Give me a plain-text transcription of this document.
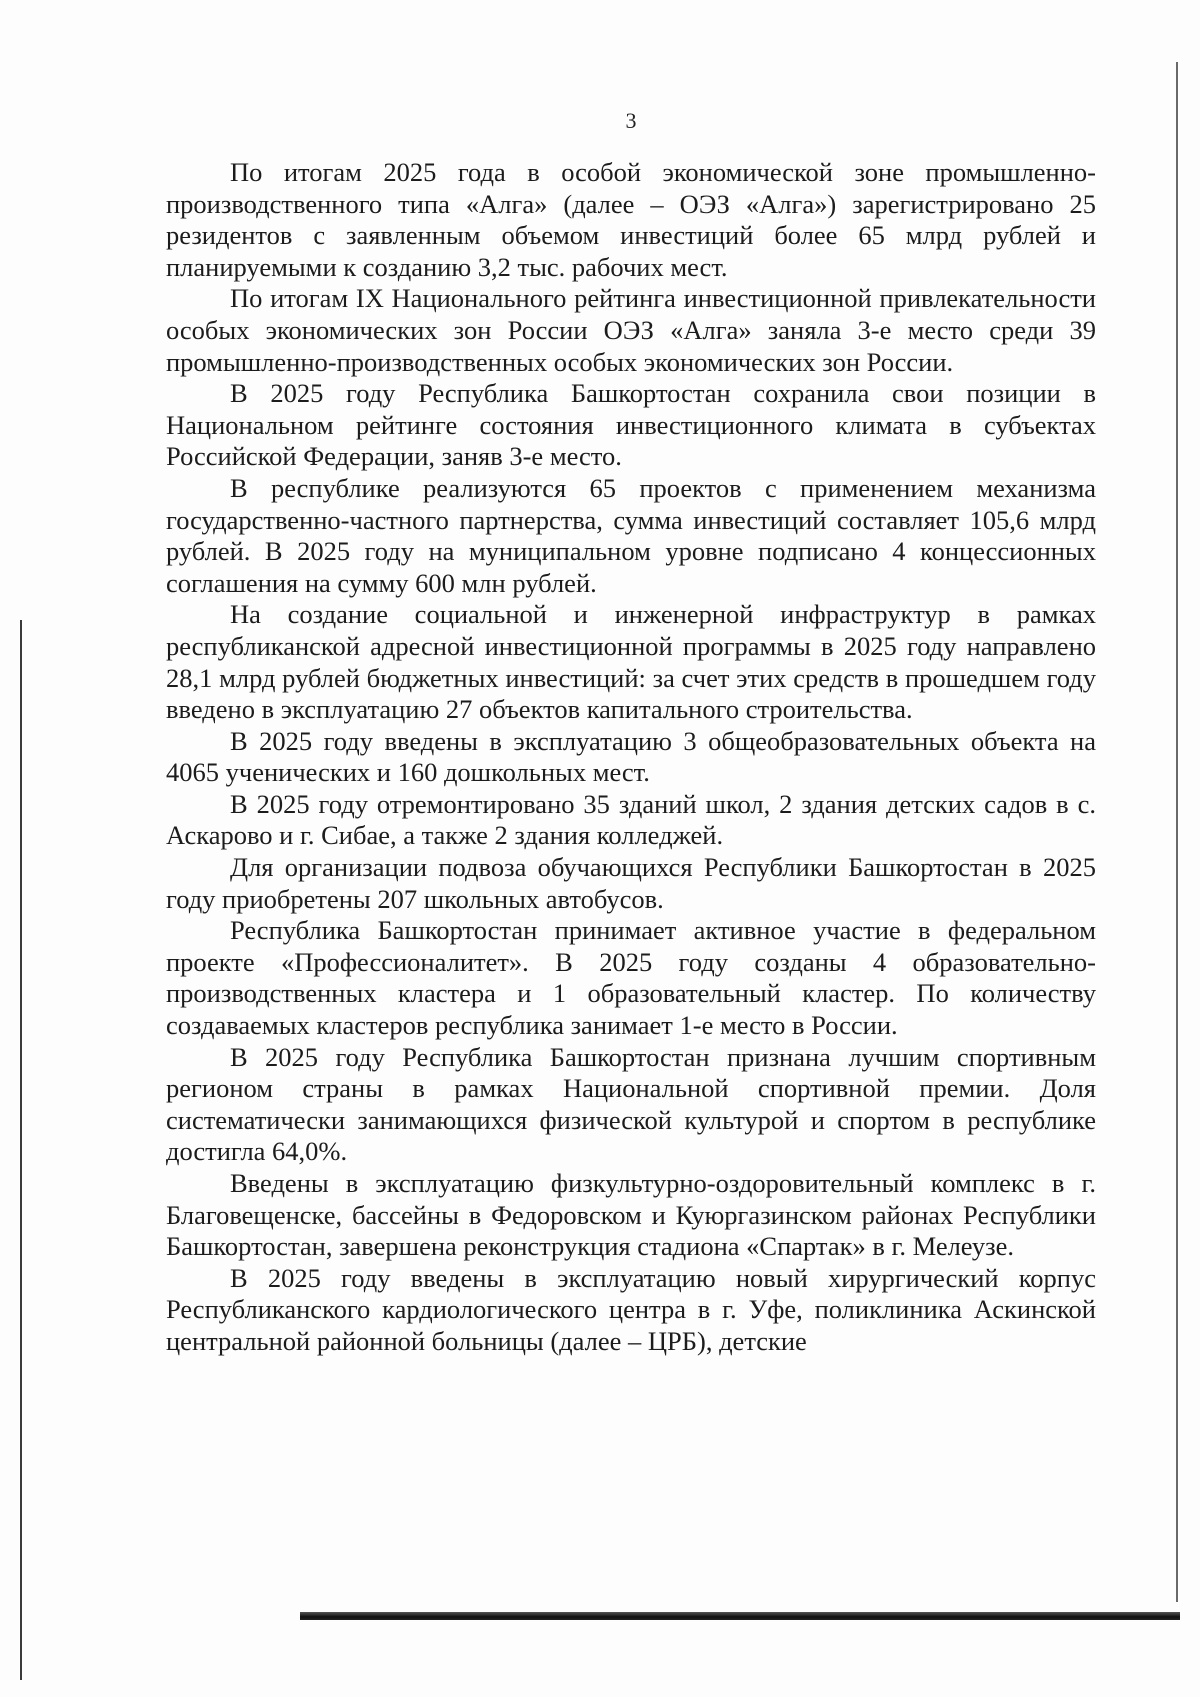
3

По итогам 2025 года в особой экономической зоне промышленно-производственного типа «Алга» (далее – ОЭЗ «Алга») зарегистрировано 25 резидентов с заявленным объемом инвестиций более 65 млрд рублей и планируемыми к созданию 3,2 тыс. рабочих мест.

По итогам IX Национального рейтинга инвестиционной привлекательности особых экономических зон России ОЭЗ «Алга» заняла 3-е место среди 39 промышленно-производственных особых экономических зон России.

В 2025 году Республика Башкортостан сохранила свои позиции в Национальном рейтинге состояния инвестиционного климата в субъектах Российской Федерации, заняв 3-е место.

В республике реализуются 65 проектов с применением механизма государственно-частного партнерства, сумма инвестиций составляет 105,6 млрд рублей. В 2025 году на муниципальном уровне подписано 4 концессионных соглашения на сумму 600 млн рублей.

На создание социальной и инженерной инфраструктур в рамках республиканской адресной инвестиционной программы в 2025 году направлено 28,1 млрд рублей бюджетных инвестиций: за счет этих средств в прошедшем году введено в эксплуатацию 27 объектов капитального строительства.

В 2025 году введены в эксплуатацию 3 общеобразовательных объекта на 4065 ученических и 160 дошкольных мест.

В 2025 году отремонтировано 35 зданий школ, 2 здания детских садов в с. Аскарово и г. Сибае, а также 2 здания колледжей.

Для организации подвоза обучающихся Республики Башкортостан в 2025 году приобретены 207 школьных автобусов.

Республика Башкортостан принимает активное участие в федеральном проекте «Профессионалитет». В 2025 году созданы 4 образовательно-производственных кластера и 1 образовательный кластер. По количеству создаваемых кластеров республика занимает 1-е место в России.

В 2025 году Республика Башкортостан признана лучшим спортивным регионом страны в рамках Национальной спортивной премии. Доля систематически занимающихся физической культурой и спортом в республике достигла 64,0%.

Введены в эксплуатацию физкультурно-оздоровительный комплекс в г. Благовещенске, бассейны в Федоровском и Куюргазинском районах Республики Башкортостан, завершена реконструкция стадиона «Спартак» в г. Мелеузе.

В 2025 году введены в эксплуатацию новый хирургический корпус Республиканского кардиологического центра в г. Уфе, поликлиника Аскинской центральной районной больницы (далее – ЦРБ), детские
